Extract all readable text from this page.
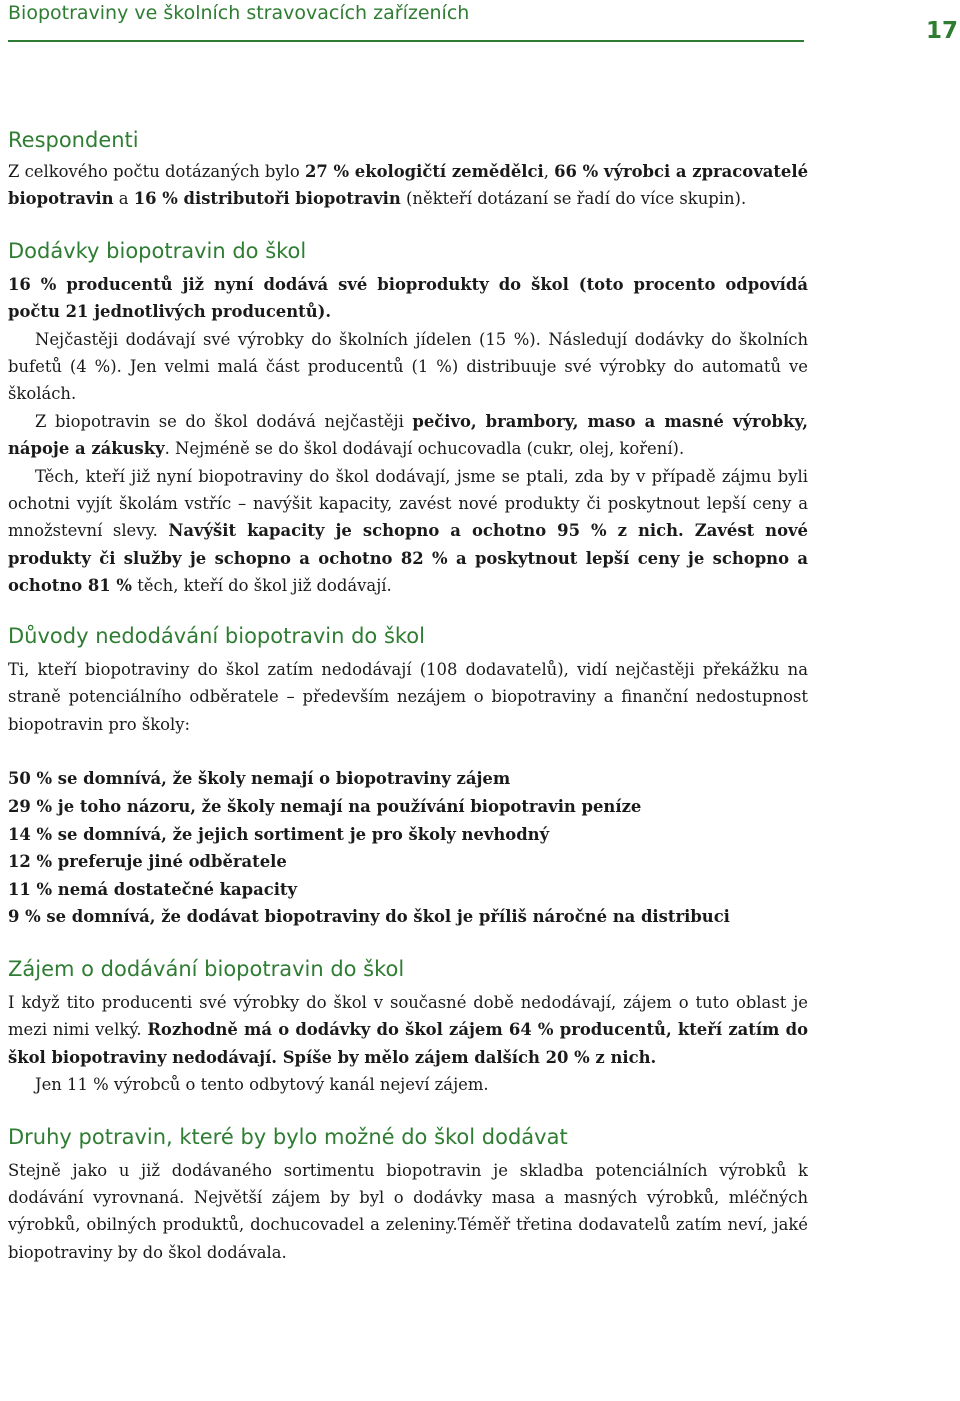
Biopotraviny ve školních stravovacích zařízeních
17
Respondenti

Z celkového počtu dotázaných bylo 27 % ekologičtí zemědělci, 66 % výrobci a zpracovatelé biopotravin a 16 % distributoři biopotravin (někteří dotázaní se řadí do více skupin).

Dodávky biopotravin do škol

16 % producentů již nyní dodává své bioprodukty do škol (toto procento odpovídá počtu 21 jednotlivých producentů).

Nejčastěji dodávají své výrobky do školních jídelen (15 %). Následují dodávky do školních bufetů (4 %). Jen velmi malá část producentů (1 %) distribuuje své výrobky do automatů ve školách.

Z biopotravin se do škol dodává nejčastěji pečivo, brambory, maso a masné výrobky, nápoje a zákusky. Nejméně se do škol dodávají ochucovadla (cukr, olej, koření).

Těch, kteří již nyní biopotraviny do škol dodávají, jsme se ptali, zda by v případě zájmu byli ochotni vyjít školám vstříc – navýšit kapacity, zavést nové produkty či poskytnout lepší ceny a množstevní slevy. Navýšit kapacity je schopno a ochotno 95 % z nich. Zavést nové produkty či služby je schopno a ochotno 82 % a poskytnout lepší ceny je schopno a ochotno 81 % těch, kteří do škol již dodávají.

Důvody nedodávání biopotravin do škol

Ti, kteří biopotraviny do škol zatím nedodávají (108 dodavatelů), vidí nejčastěji překážku na straně potenciálního odběratele – především nezájem o biopotraviny a finanční nedostupnost biopotravin pro školy:

50 % se domnívá, že školy nemají o biopotraviny zájem

29 % je toho názoru, že školy nemají na používání biopotravin peníze

14 % se domnívá, že jejich sortiment je pro školy nevhodný

12 % preferuje jiné odběratele

11 % nemá dostatečné kapacity

9 % se domnívá, že dodávat biopotraviny do škol je příliš náročné na distribuci

Zájem o dodávání biopotravin do škol

I když tito producenti své výrobky do škol v současné době nedodávají, zájem o tuto oblast je mezi nimi velký. Rozhodně má o dodávky do škol zájem 64 % producentů, kteří zatím do škol biopotraviny nedodávají. Spíše by mělo zájem dalších 20 % z nich.

Jen 11 % výrobců o tento odbytový kanál nejeví zájem.

Druhy potravin, které by bylo možné do škol dodávat

Stejně jako u již dodávaného sortimentu biopotravin je skladba potenciálních výrobků k dodávání vyrovnaná. Největší zájem by byl o dodávky masa a masných výrobků, mléčných výrobků, obilných produktů, dochucovadel a zeleniny.Téměř třetina dodavatelů zatím neví, jaké biopotraviny by do škol dodávala.
